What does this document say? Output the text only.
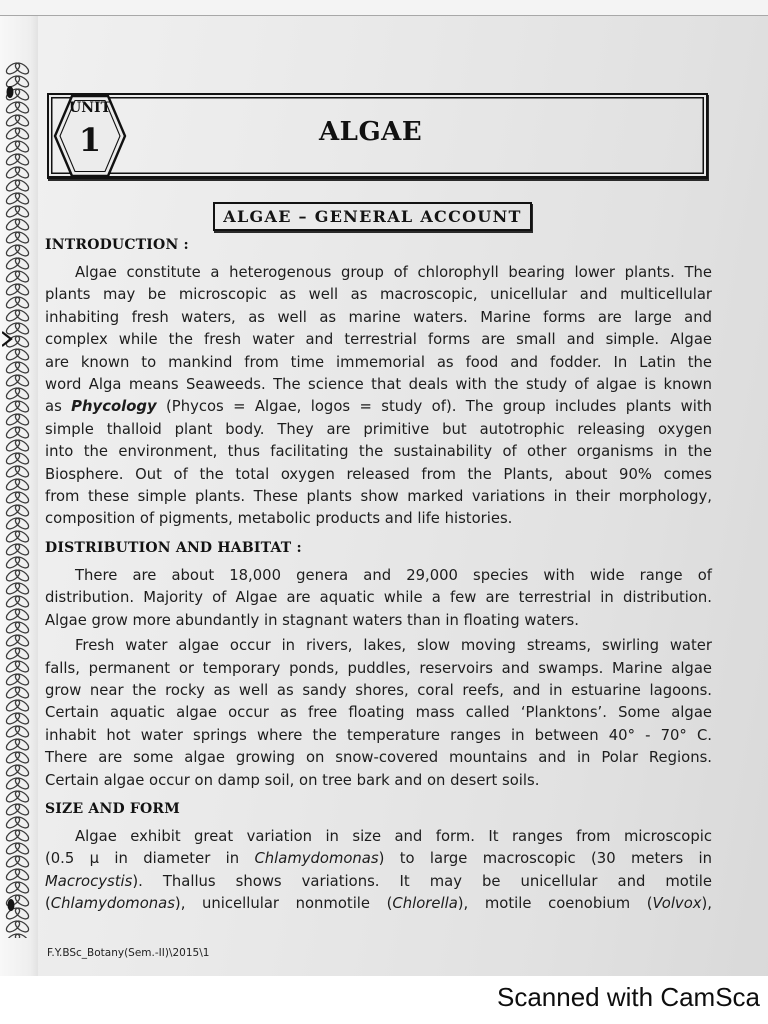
UNIT
1	ALGAE
ALGAE – GENERAL ACCOUNT
INTRODUCTION :
Algae constitute a heterogenous group of chlorophyll bearing lower plants. The
plants may be microscopic as well as macroscopic, unicellular and multicellular
inhabiting fresh waters, as well as marine waters. Marine forms are large and
complex while the fresh water and terrestrial forms are small and simple. Algae
are known to mankind from time immemorial as food and fodder. In Latin the
word Alga means Seaweeds. The science that deals with the study of algae is known
as Phycology (Phycos = Algae, logos = study of). The group includes plants with
simple thalloid plant body. They are primitive but autotrophic releasing oxygen
into the environment, thus facilitating the sustainability of other organisms in the
Biosphere. Out of the total oxygen released from the Plants, about 90% comes
from these simple plants. These plants show marked variations in their morphology,
composition of pigments, metabolic products and life histories.
DISTRIBUTION AND HABITAT :
There are about 18,000 genera and 29,000 species with wide range of
distribution. Majority of Algae are aquatic while a few are terrestrial in distribution.
Algae grow more abundantly in stagnant waters than in floating waters.
Fresh water algae occur in rivers, lakes, slow moving streams, swirling water
falls, permanent or temporary ponds, puddles, reservoirs and swamps. Marine algae
grow near the rocky as well as sandy shores, coral reefs, and in estuarine lagoons.
Certain aquatic algae occur as free floating mass called ‘Planktons’. Some algae
inhabit hot water springs where the temperature ranges in between 40° - 70° C.
There are some algae growing on snow-covered mountains and in Polar Regions.
Certain algae occur on damp soil, on tree bark and on desert soils.
SIZE AND FORM
Algae exhibit great variation in size and form. It ranges from microscopic
(0.5 μ in diameter in Chlamydomonas) to large macroscopic (30 meters in
Macrocystis). Thallus shows variations. It may be unicellular and motile
(Chlamydomonas), unicellular nonmotile (Chlorella), motile coenobium (Volvox),
F.Y.BSc_Botany(Sem.-II)\2015\1
Scanned with CamSca
